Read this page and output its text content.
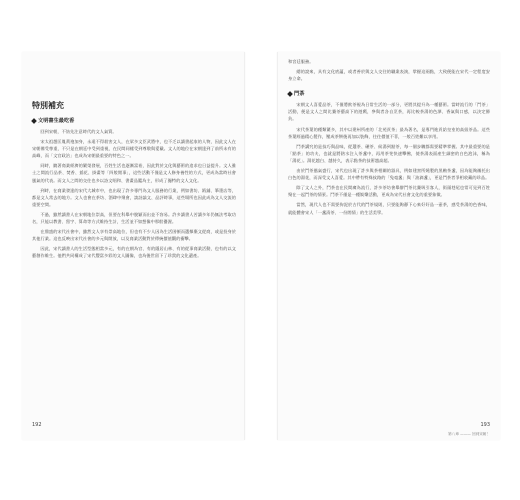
特別補充
文明書生最吃香

回到宋朝，不妨先注意時代的文人氣質。

宋太祖趙匡胤黃袍加身，永遠不得殺害文人，在眾多文臣武將中，也不乏以讀書起家的人物，因此文人在宋朝備受尊重，不只是在朝廷中受到重視，在民間同樣受到尊敬與愛戴。文人的地位在宋朝達到了前所未有的高峰，而「文官政治」也成為宋朝最重要的特色之一。

同時，隨著商業經濟的繁榮發展，百姓生活也逐漸富裕，因此對於文化與藝術的追求也日益提升。文人雅士之間流行品茶、焚香、插花、掛畫等「四般閒事」，這些活動不僅是文人修身養性的方式，更成為當時社會風氣的代表。而文人之間的交往也多以詩文唱和、書畫品鑑為主，形成了獨特的文人文化。

到時，在商業發達的宋代大城市中，也出現了許多專門為文人服務的行業，例如書坊、紙鋪、筆墨店等，都是文人常去的地方。文人也會在茶坊、酒肆中聚會，談詩論文、品評時事，這些場所也因此成為文人交流的重要空間。

不過，雖然讀書人在宋朝地位崇高，但要在科舉中脫穎而出並不容易。許多讀書人苦讀多年仍無法考取功名，只能以教書、寫字、算命等方式維持生計，生活並不如想像中那般優渥。

在鼎盛的宋代社會中，雖然文人享有崇高地位，但也有不少人因為生活困頓而選擇棄文從商，或是投身於其他行業。這也反映出宋代社會的多元與開放，以及商業活動對於傳統價值觀的衝擊。

因此，宋代讀書人的生活型態相當多元，有的在朝為官、有的隱居山林、有的從事商業活動，也有的以文藝創作維生。他們共同構成了宋代豐富多彩的文人圖像，也為後世留下了珍貴的文化遺產。

192

和宮廷服務。

總的說來，具有文化底蘊，或者善於與文人交往的職業表演，掌握這兩點，大致便能在宋代一定程度安身立命。

門茶

宋朝文人喜愛品茶，不僅將飲茶視為日常生活的一部分，更將其提升為一種藝術。當時流行的「鬥茶」活動，便是文人之間比賽茶藝高下的遊戲，參與者各自烹茶，再比較茶湯的色澤、香氣與口感，以決定勝負。

宋代茶葉的種類繁多，其中以建州所產的「北苑貢茶」最為著名，是專門進貢給皇室的高級茶品。這些茶葉經過精心製作，壓成茶餅後再加以裝飾，往往價值不菲，一般百姓難以享用。

鬥茶講究的是技巧與品味，從選茶、碾茶、候湯到點茶，每一個步驟都需要精準掌握。其中最重要的是「點茶」的功夫，也就是將熱水注入茶盞中，再用茶筅快速擊拂，使茶湯表面產生細密的白色泡沫，稱為「湯花」。湯花越白、越持久，表示點茶的技術越高超。

由於鬥茶風氣盛行，宋代也出現了許多與茶相關的器具，例如建窯所燒製的黑釉茶盞，因為能夠襯托出白色的湯花，而深受文人喜愛。其中帶有特殊紋路的「兔毫盞」與「油滴盞」，更是鬥茶者爭相收藏的珍品。

除了文人之外，鬥茶也在民間廣為流行，許多茶坊會舉辦鬥茶比賽吸引客人，街頭巷尾也常可見到百姓聚在一起鬥茶的情景。鬥茶不僅是一種娛樂活動，更成為宋代社會文化的重要象徵。

當然，現代人也不需要拘泥於古代的鬥茶規則，只要能夠靜下心來好好品一壺茶，感受茶湯的色香味，就能體會宋人「一盞清茶、一份閒情」的生活美學。

193
第八章 ——— 回到宋朝！
